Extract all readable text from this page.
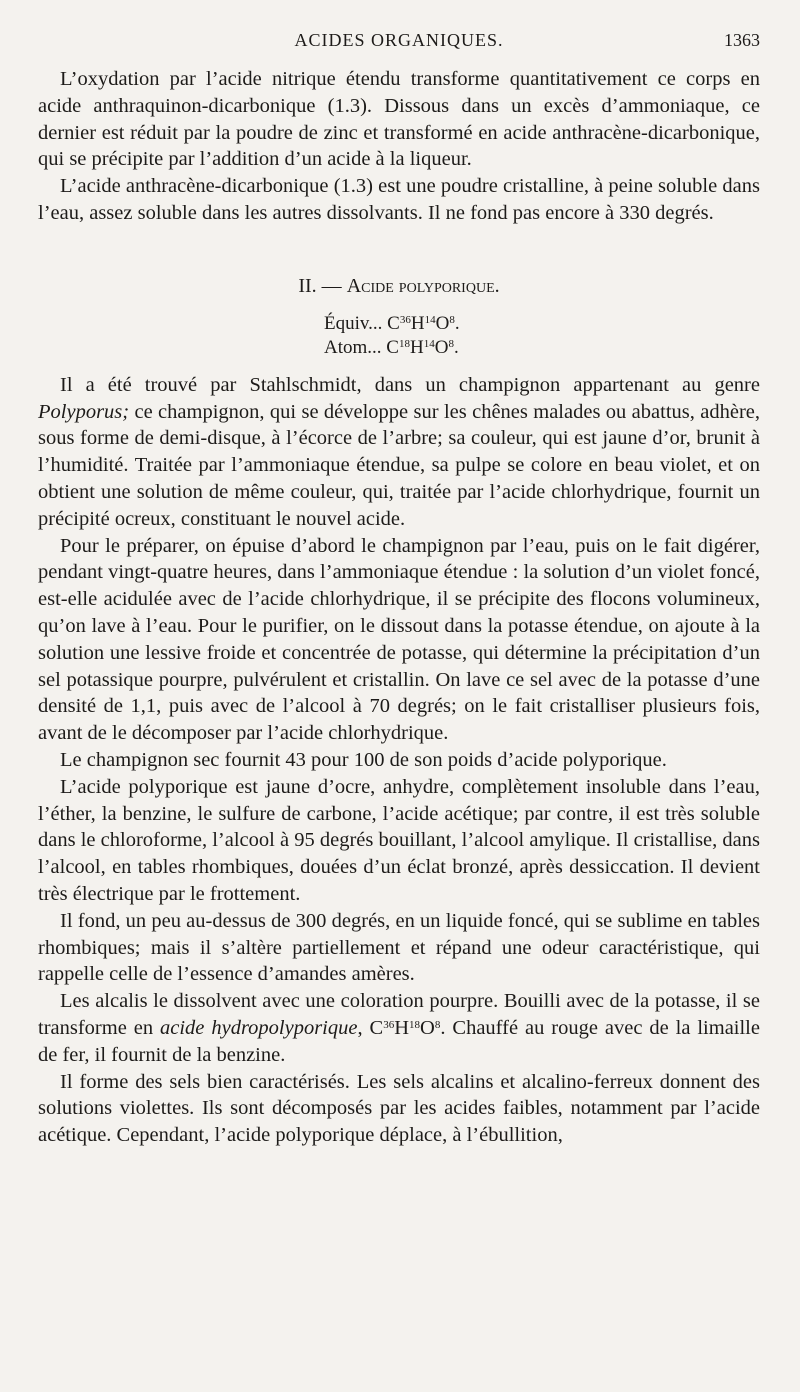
ACIDES ORGANIQUES.	1363

L’oxydation par l’acide nitrique étendu transforme quantitativement ce corps en acide anthraquinon-dicarbonique (1.3). Dissous dans un excès d’ammoniaque, ce dernier est réduit par la poudre de zinc et transformé en acide anthracène-dicarbonique, qui se précipite par l’addition d’un acide à la liqueur.

L’acide anthracène-dicarbonique (1.3) est une poudre cristalline, à peine soluble dans l’eau, assez soluble dans les autres dissolvants. Il ne fond pas encore à 330 degrés.

II. — Acide polyporique.
Équiv... $C^{36}H^{14}O^8$.
Atom... $C^{18}H^{14}O^8$.

Il a été trouvé par Stahlschmidt, dans un champignon appartenant au genre Polyporus; ce champignon, qui se développe sur les chênes malades ou abattus, adhère, sous forme de demi-disque, à l’écorce de l’arbre; sa couleur, qui est jaune d’or, brunit à l’humidité. Traitée par l’ammoniaque étendue, sa pulpe se colore en beau violet, et on obtient une solution de même couleur, qui, traitée par l’acide chlorhydrique, fournit un précipité ocreux, constituant le nouvel acide.

Pour le préparer, on épuise d’abord le champignon par l’eau, puis on le fait digérer, pendant vingt-quatre heures, dans l’ammoniaque étendue : la solution d’un violet foncé, est-elle acidulée avec de l’acide chlorhydrique, il se précipite des flocons volumineux, qu’on lave à l’eau. Pour le purifier, on le dissout dans la potasse étendue, on ajoute à la solution une lessive froide et concentrée de potasse, qui détermine la précipitation d’un sel potassique pourpre, pulvérulent et cristallin. On lave ce sel avec de la potasse d’une densité de 1,1, puis avec de l’alcool à 70 degrés; on le fait cristalliser plusieurs fois, avant de le décomposer par l’acide chlorhydrique.

Le champignon sec fournit 43 pour 100 de son poids d’acide polyporique.

L’acide polyporique est jaune d’ocre, anhydre, complètement insoluble dans l’eau, l’éther, la benzine, le sulfure de carbone, l’acide acétique; par contre, il est très soluble dans le chloroforme, l’alcool à 95 degrés bouillant, l’alcool amylique. Il cristallise, dans l’alcool, en tables rhombiques, douées d’un éclat bronzé, après dessiccation. Il devient très électrique par le frottement.

Il fond, un peu au-dessus de 300 degrés, en un liquide foncé, qui se sublime en tables rhombiques; mais il s’altère partiellement et répand une odeur caractéristique, qui rappelle celle de l’essence d’amandes amères.

Les alcalis le dissolvent avec une coloration pourpre. Bouilli avec de la potasse, il se transforme en acide hydropolyporique, $C^{36}H^{18}O^8$. Chauffé au rouge avec de la limaille de fer, il fournit de la benzine.

Il forme des sels bien caractérisés. Les sels alcalins et alcalino-ferreux donnent des solutions violettes. Ils sont décomposés par les acides faibles, notamment par l’acide acétique. Cependant, l’acide polyporique déplace, à l’ébullition,
